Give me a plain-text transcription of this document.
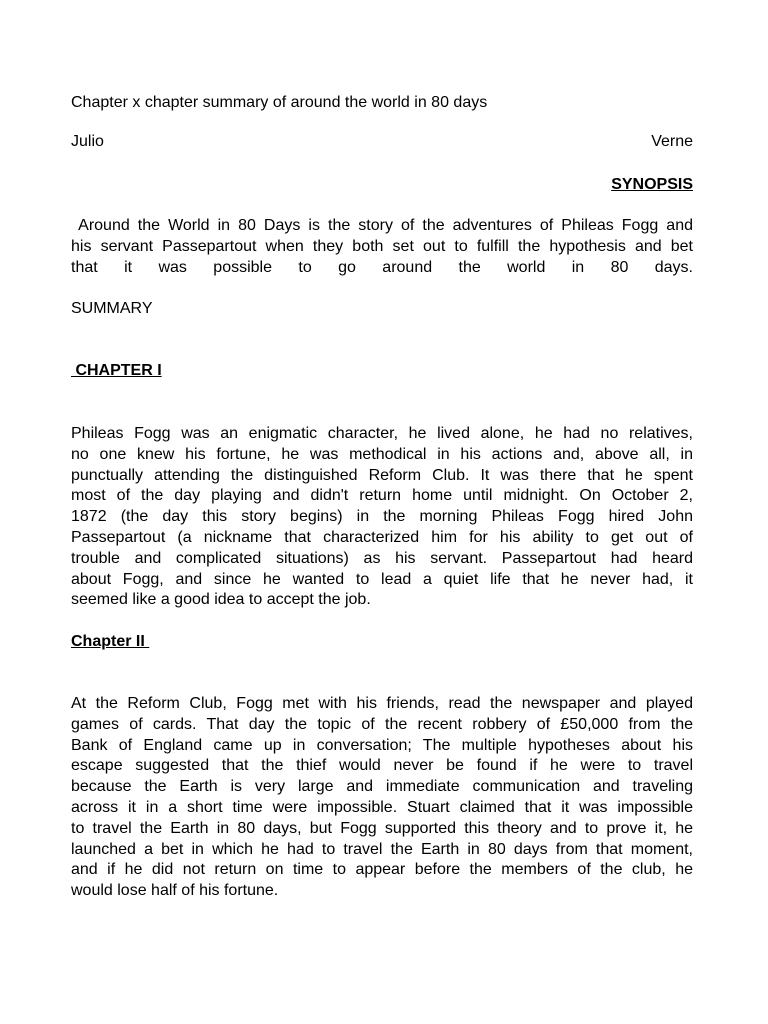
Chapter x chapter summary of around the world in 80 days
Julio	Verne
SYNOPSIS
Around the World in 80 Days is the story of the adventures of Phileas Fogg and
his servant Passepartout when they both set out to fulfill the hypothesis and bet
that it was possible to go around the world in 80 days.
SUMMARY
CHAPTER I
Phileas Fogg was an enigmatic character, he lived alone, he had no relatives,
no one knew his fortune, he was methodical in his actions and, above all, in
punctually attending the distinguished Reform Club. It was there that he spent
most of the day playing and didn't return home until midnight. On October 2,
1872 (the day this story begins) in the morning Phileas Fogg hired John
Passepartout (a nickname that characterized him for his ability to get out of
trouble and complicated situations) as his servant. Passepartout had heard
about Fogg, and since he wanted to lead a quiet life that he never had, it
seemed like a good idea to accept the job.
Chapter II
At the Reform Club, Fogg met with his friends, read the newspaper and played
games of cards. That day the topic of the recent robbery of £50,000 from the
Bank of England came up in conversation; The multiple hypotheses about his
escape suggested that the thief would never be found if he were to travel
because the Earth is very large and immediate communication and traveling
across it in a short time were impossible. Stuart claimed that it was impossible
to travel the Earth in 80 days, but Fogg supported this theory and to prove it, he
launched a bet in which he had to travel the Earth in 80 days from that moment,
and if he did not return on time to appear before the members of the club, he
would lose half of his fortune.
